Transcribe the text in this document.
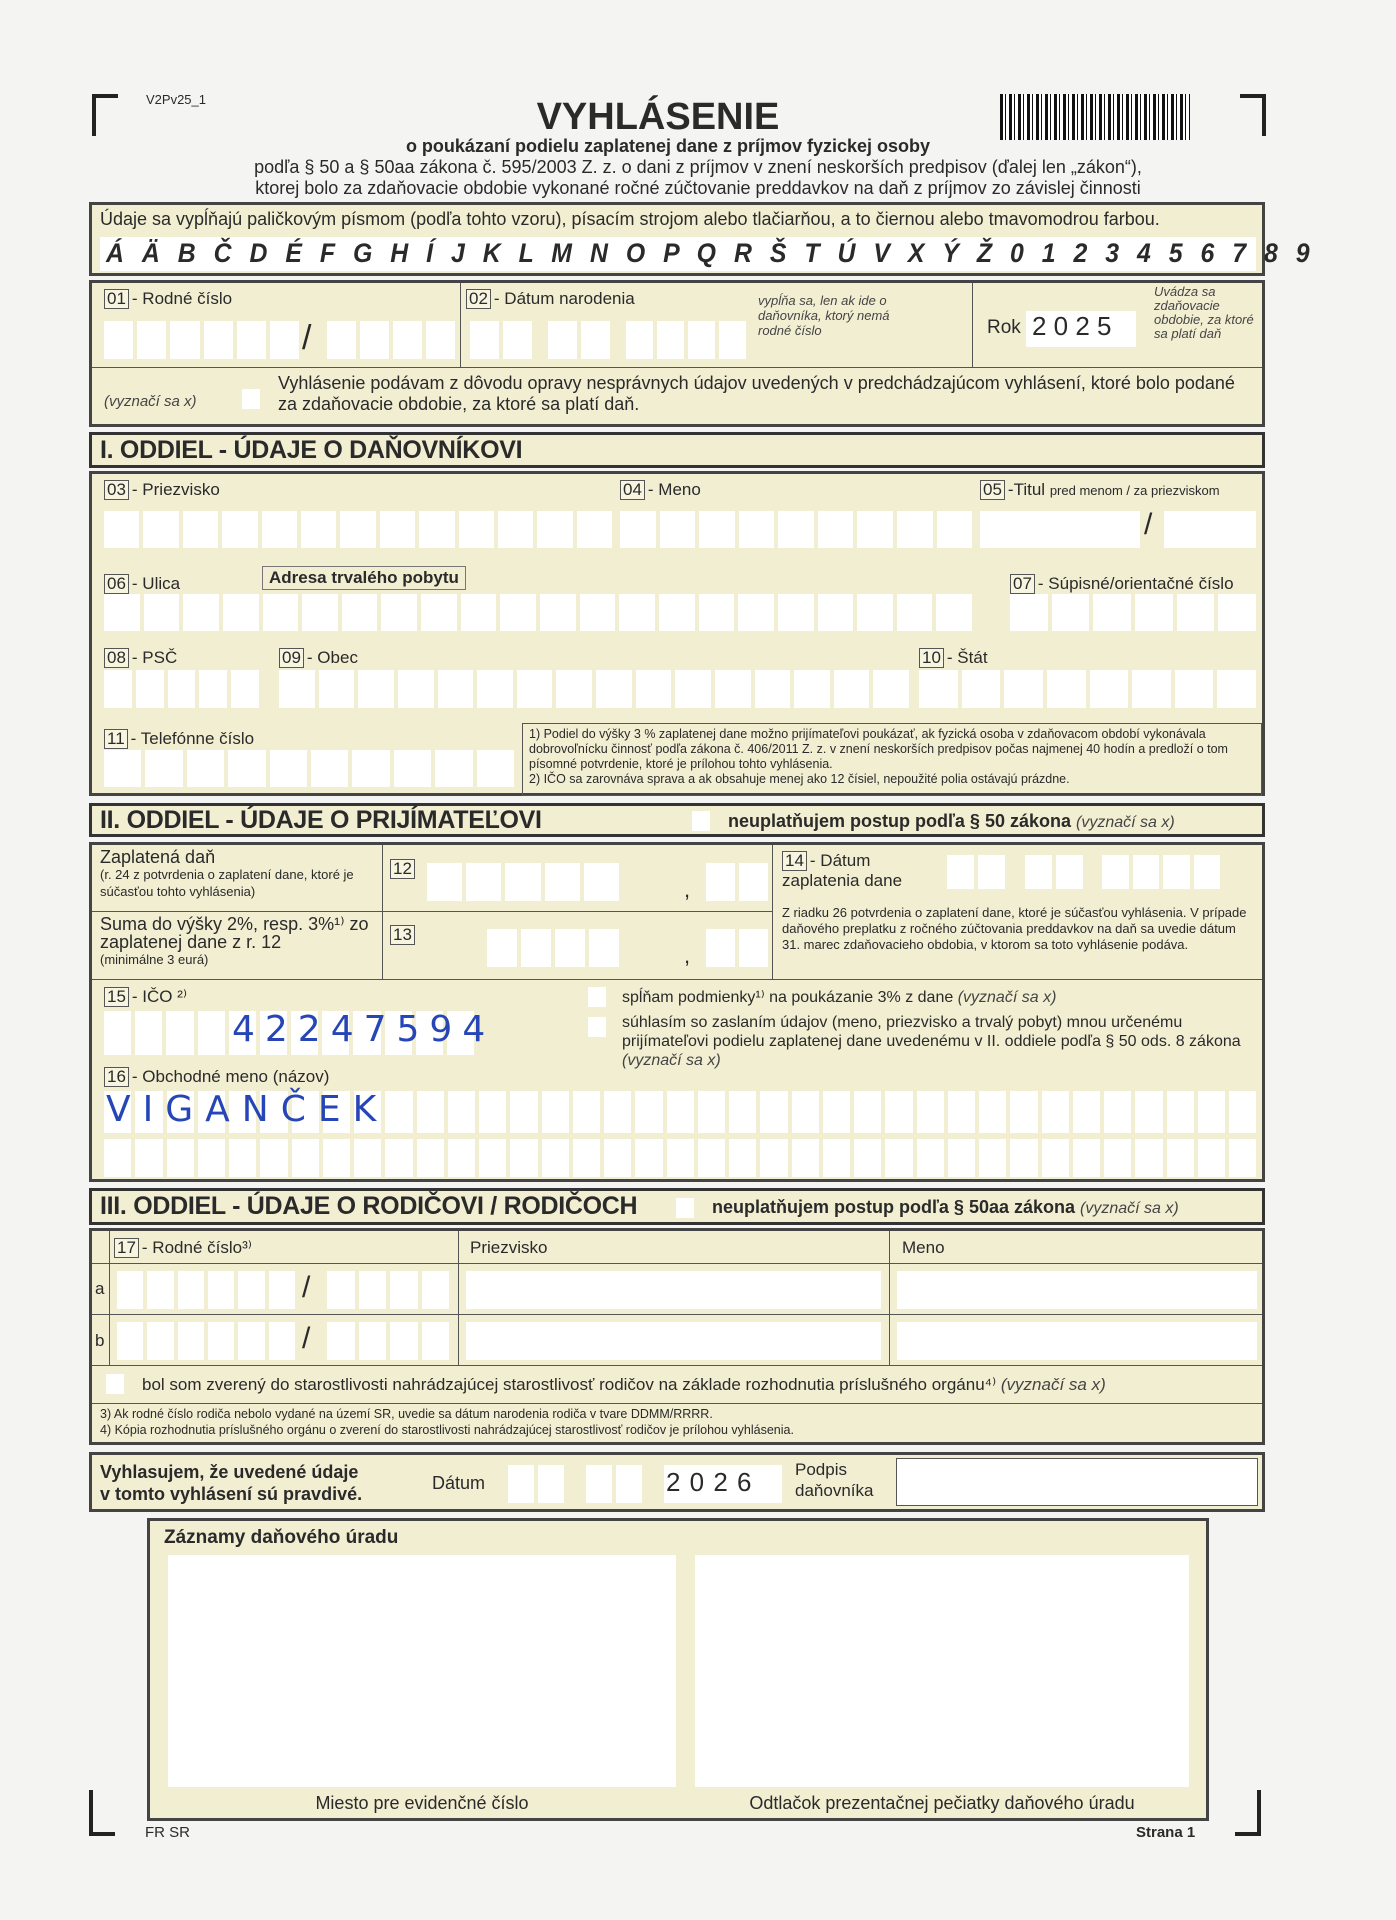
V2Pv25_1	VYHLÁSENIE
o poukázaní podielu zaplatenej dane z príjmov fyzickej osoby
podľa § 50 a § 50aa zákona č. 595/2003 Z. z. o dani z príjmov v znení neskorších predpisov (ďalej len „zákon“),
ktorej bolo za zdaňovacie obdobie vykonané ročné zúčtovanie preddavkov na daň z príjmov zo závislej činnosti
Údaje sa vypĺňajú paličkovým písmom (podľa tohto vzoru), písacím strojom alebo tlačiarňou, a to čiernou alebo tmavomodrou farbou.
Á Ä B Č D É F G H Í J K L M N O P Q R Š T Ú V X Ý Ž 0 1 2 3 4 5 6 7 8 9
01 - Rodné číslo
/
02 - Dátum narodenia	vypĺňa sa, len ak ide o daňovníka, ktorý nemá rodné číslo	Rok 2 0 2 5
Uvádza sa zdaňovacie obdobie, za ktoré sa platí daň
(vyznačí sa x)
Vyhlásenie podávam z dôvodu opravy nesprávnych údajov uvedených v predchádzajúcom vyhlásení, ktoré bolo podané za zdaňovacie obdobie, za ktoré sa platí daň.
I. ODDIEL - ÚDAJE O DAŇOVNÍKOVI
03 - Priezvisko	04 - Meno	05 -Titul pred menom / za priezviskom
/
06 - Ulica	Adresa trvalého pobytu	07 - Súpisné/orientačné číslo
08 - PSČ	09 - Obec	10 - Štát
11 - Telefónne číslo	1) Podiel do výšky 3 % zaplatenej dane možno prijímateľovi poukázať, ak fyzická osoba v zdaňovacom období vykonávala dobrovoľnícku činnosť podľa zákona č. 406/2011 Z. z. v znení neskorších predpisov počas najmenej 40 hodín a predloží o tom písomné potvrdenie, ktoré je prílohou tohto vyhlásenia.
2) IČO sa zarovnáva sprava a ak obsahuje menej ako 12 čísiel, nepoužité polia ostávajú prázdne.
II. ODDIEL - ÚDAJE O PRIJÍMATEĽOVI	neuplatňujem postup podľa § 50 zákona (vyznačí sa x)
Zaplatená daň
(r. 24 z potvrdenia o zaplatení dane, ktoré je súčasťou tohto vyhlásenia)
12
,
Suma do výšky 2%, resp. 3%¹⁾ zo zaplatenej dane z r. 12
(minimálne 3 eurá)
13
,
14 - Dátum zaplatenia dane
Z riadku 26 potvrdenia o zaplatení dane, ktoré je súčasťou vyhlásenia. V prípade daňového preplatku z ročného zúčtovania preddavkov na daň sa uvedie dátum 31. marec zdaňovacieho obdobia, v ktorom sa toto vyhlásenie podáva.
15 - IČO ²⁾
42247594
spĺňam podmienky¹⁾ na poukázanie 3% z dane (vyznačí sa x)
súhlasím so zaslaním údajov (meno, priezvisko a trvalý pobyt) mnou určenému prijímateľovi podielu zaplatenej dane uvedenému v II. oddiele podľa § 50 ods. 8 zákona (vyznačí sa x)
16 - Obchodné meno (názov)
VIGANČEK
III. ODDIEL - ÚDAJE O RODIČOVI / RODIČOCH	neuplatňujem postup podľa § 50aa zákona (vyznačí sa x)
17 - Rodné číslo³⁾	Priezvisko	Meno
a	/
b	/
bol som zverený do starostlivosti nahrádzajúcej starostlivosť rodičov na základe rozhodnutia príslušného orgánu⁴⁾ (vyznačí sa x)
3) Ak rodné číslo rodiča nebolo vydané na území SR, uvedie sa dátum narodenia rodiča v tvare DDMM/RRRR.
4) Kópia rozhodnutia príslušného orgánu o zverení do starostlivosti nahrádzajúcej starostlivosť rodičov je prílohou vyhlásenia.
Vyhlasujem, že uvedené údaje
v tomto vyhlásení sú pravdivé.
Dátum	2 0 2 6 Podpis
daňovníka
Záznamy daňového úradu
Miesto pre evidenčné číslo	Odtlačok prezentačnej pečiatky daňového úradu
FR SR	Strana 1
